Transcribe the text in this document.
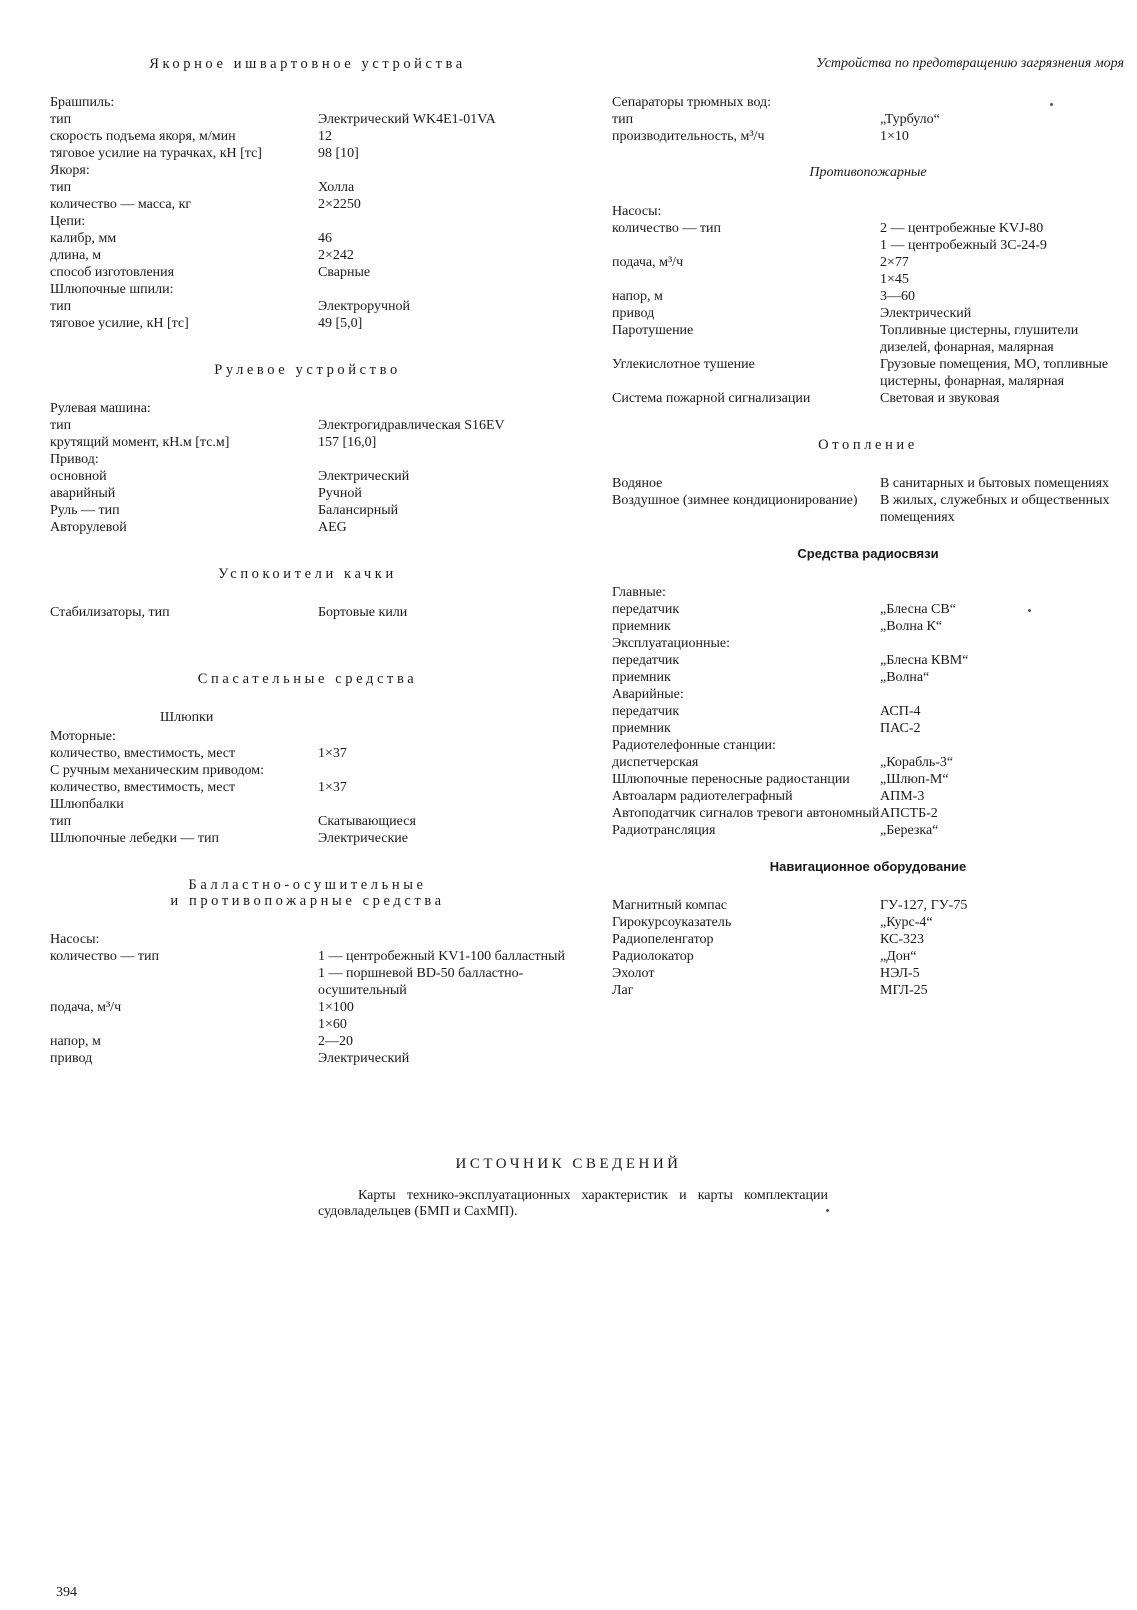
Якорное ишвартовное устройства
Брашпиль:
тип	Электрический WK4E1-01VA
скорость подъема якоря, м/мин	12
тяговое усилие на турачках, кН [тс]	98 [10]
Якоря:
тип	Холла
количество — масса, кг	2×2250
Цепи:
калибр, мм	46
длина, м	2×242
способ изготовления	Сварные
Шлюпочные шпили:
тип	Электроручной
тяговое усилие, кН [тс]	49 [5,0]
Рулевое устройство
Рулевая машина:
тип	Электрогидравлическая S16EV
крутящий момент, кН.м [тс.м]	157 [16,0]
Привод:
основной	Электрический
аварийный	Ручной
Руль — тип	Балансирный
Авторулевой	AEG
Успокоители качки
Стабилизаторы, тип	Бортовые кили
Спасательные средства
Шлюпки
Моторные:
количество, вместимость, мест	1×37
С ручным механическим приводом:
количество, вместимость, мест	1×37
Шлюпбалки
тип	Скатывающиеся
Шлюпочные лебедки — тип	Электрические
Балластно-осушительные
и противопожарные средства
Насосы:
количество — тип	1 — центробежный KV1-100 балластный
1 — поршневой BD-50 балластно-осушительный
подача, м³/ч	1×100
1×60
напор, м	2—20
привод	Электрический
Устройства по предотвращению загрязнения моря
Сепараторы трюмных вод:
тип	„Турбуло“
производительность, м³/ч	1×10
Противопожарные
Насосы:
количество — тип	2 — центробежные KVJ-80
1 — центробежный 3С-24-9
подача, м³/ч	2×77
1×45
напор, м	3—60
привод	Электрический
Паротушение	Топливные цистерны, глушители дизелей, фонарная, малярная
Углекислотное тушение	Грузовые помещения, МО, топливные цистерны, фонарная, малярная
Система пожарной сигнализации	Световая и звуковая
Отопление
Водяное	В санитарных и бытовых помещениях
Воздушное (зимнее кондиционирование)	В жилых, служебных и общественных помещениях
Средства радиосвязи
Главные:
передатчик	„Блесна СВ“
приемник	„Волна К“
Эксплуатационные:
передатчик	„Блесна КВМ“
приемник	„Волна“
Аварийные:
передатчик	АСП-4
приемник	ПАС-2
Радиотелефонные станции:
диспетчерская	„Корабль-3“
Шлюпочные переносные радиостанции	„Шлюп-М“
Автоаларм радиотелеграфный	АПМ-3
Автоподатчик сигналов тревоги автономный АПСТБ-2
Радиотрансляция	„Березка“
Навигационное оборудование
Магнитный компас	ГУ-127, ГУ-75
Гирокурсоуказатель	„Курс-4“
Радиопеленгатор	КС-323
Радиолокатор	„Дон“
Эхолот	НЭЛ-5
Лаг	МГЛ-25
ИСТОЧНИК СВЕДЕНИЙ
Карты технико-эксплуатационных характеристик и карты комплектации судовладельцев (БМП и СахМП).
394
